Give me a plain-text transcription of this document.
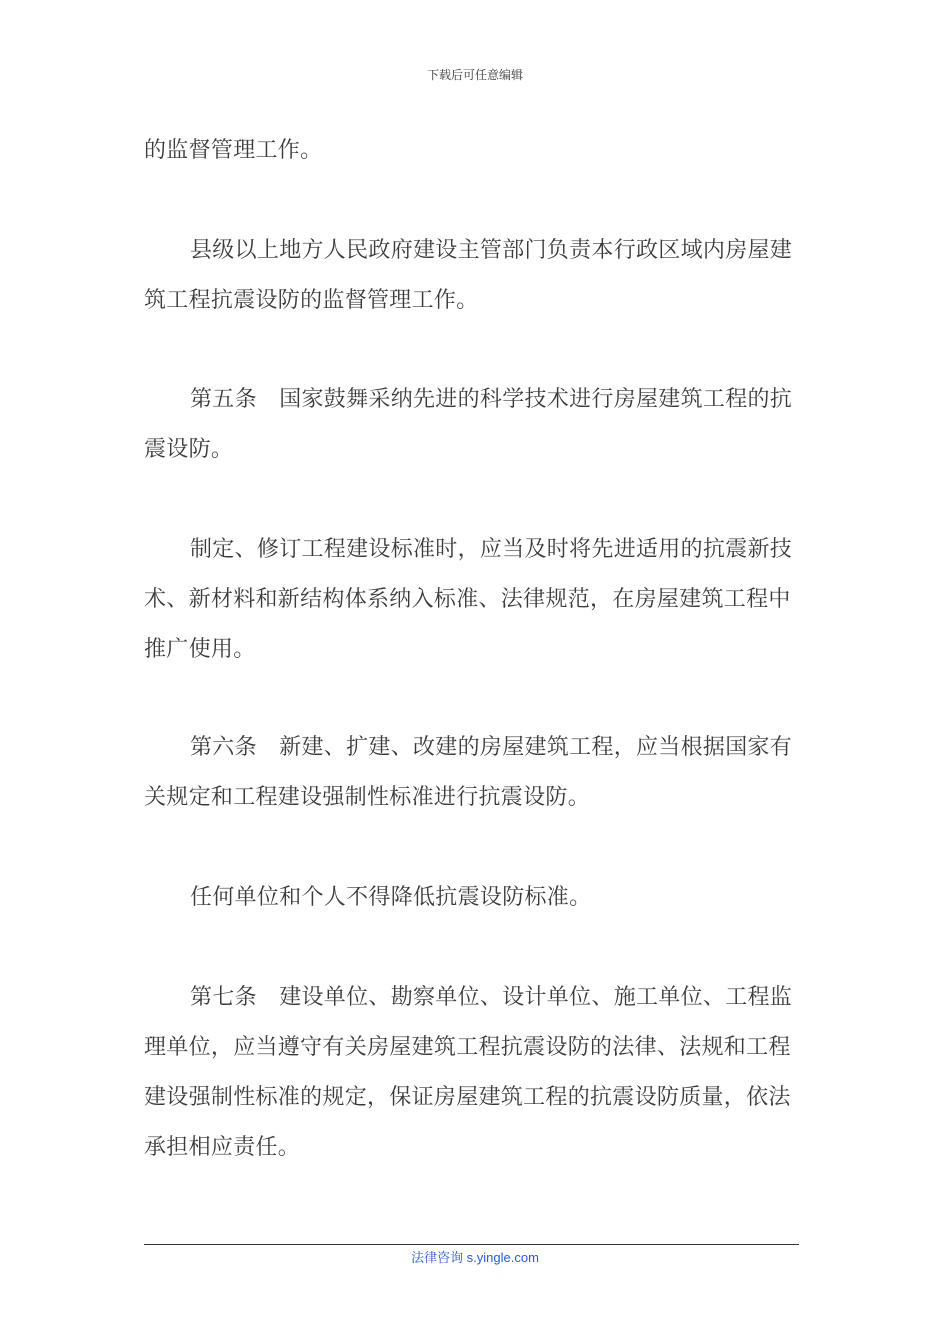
下载后可任意编辑
的监督管理工作。
县级以上地方人民政府建设主管部门负责本行政区域内房屋建
筑工程抗震设防的监督管理工作。
第五条　国家鼓舞采纳先进的科学技术进行房屋建筑工程的抗
震设防。
制定、修订工程建设标准时，应当及时将先进适用的抗震新技
术、新材料和新结构体系纳入标准、法律规范，在房屋建筑工程中
推广使用。
第六条　新建、扩建、改建的房屋建筑工程，应当根据国家有
关规定和工程建设强制性标准进行抗震设防。
任何单位和个人不得降低抗震设防标准。
第七条　建设单位、勘察单位、设计单位、施工单位、工程监
理单位，应当遵守有关房屋建筑工程抗震设防的法律、法规和工程
建设强制性标准的规定，保证房屋建筑工程的抗震设防质量，依法
承担相应责任。
法律咨询 s.yingle.com
